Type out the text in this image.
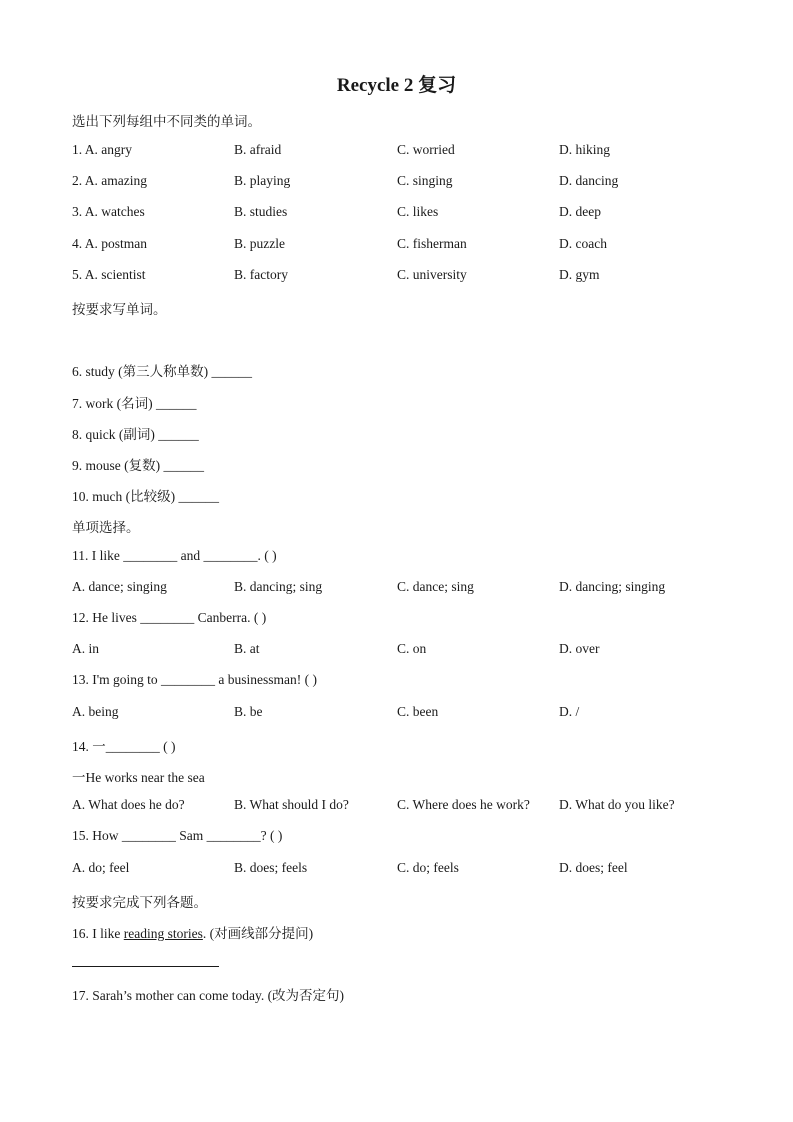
Recycle 2 复习
选出下列每组中不同类的单词。
1. A. angry	B. afraid	C. worried	D. hiking
2. A. amazing	B. playing	C. singing	D. dancing
3. A. watches	B. studies	C. likes	D. deep
4. A. postman	B. puzzle	C. fisherman	D. coach
5. A. scientist	B. factory	C. university	D. gym
按要求写单词。
6. study (第三人称单数) ______
7. work (名词) ______
8. quick (副词) ______
9. mouse (复数) ______
10. much (比较级) ______
单项选择。
11. I like ________ and ________. ( )
A. dance; singing	B. dancing; sing	C. dance; sing	D. dancing; singing
12. He lives ________ Canberra. ( )
A. in	B. at	C. on	D. over
13. I'm going to ________ a businessman! ( )
A. being	B. be	C. been	D. /
14. 一________ ( )
一He works near the sea
A. What does he do?	B. What should I do?	C. Where does he work? D. What do you like?
15. How ________ Sam ________? ( )
A. do; feel	B. does; feels	C. do; feels	D. does; feel
按要求完成下列各题。
16. I like reading stories. (对画线部分提问)
17. Sarah’s mother can come today. (改为否定句)
